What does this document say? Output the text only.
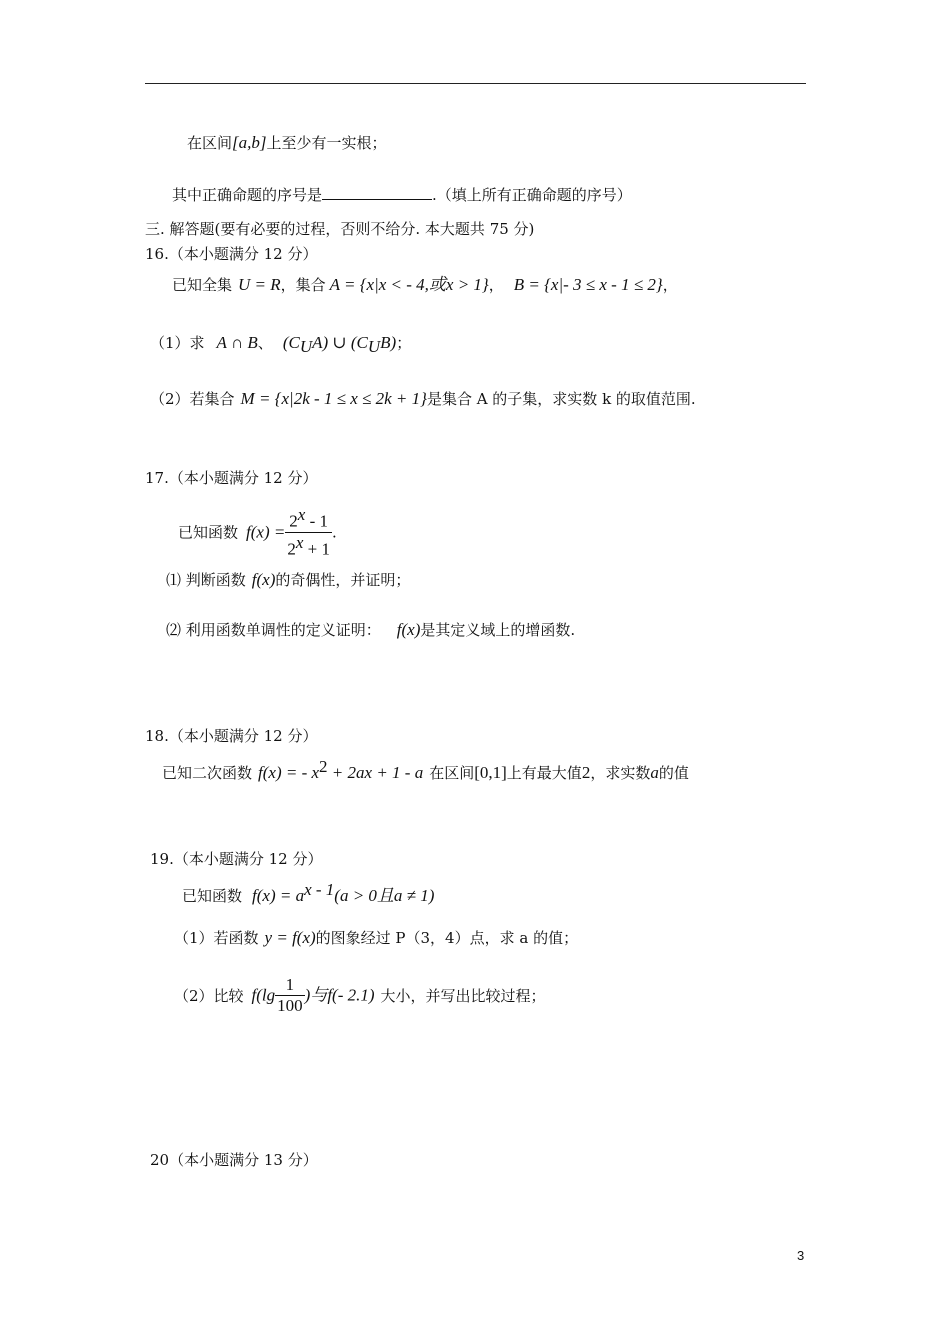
在区间[a,b]上至少有一实根；
其中正确命题的序号是	.（填上所有正确命题的序号）
三. 解答题(要有必要的过程，否则不给分. 本大题共 75 分)
16.（本小题满分 12 分）
已知全集 U = R，集合 A = {x|x < - 4,或x > 1}， B = {x|- 3 ≤ x - 1 ≤ 2}，
（1）求 A ∩ B、 $(C_UA)$ ∪ $(C_UB)$；
（2）若集合 M = {x|2k - 1 ≤ x ≤ 2k + 1}是集合 A 的子集，求实数 k 的取值范围.
17.（本小题满分 12 分）
已知函数 $f(x) = \frac{2^x - 1}{2^x + 1}$ .
⑴ 判断函数 f(x)的奇偶性，并证明；
⑵ 利用函数单调性的定义证明： f(x)是其定义域上的增函数.
18.（本小题满分 12 分）
已知二次函数 f(x) = - $x^2 + 2ax + 1 - a$ 在区间[0,1]上有最大值2，求实数a的值
19.（本小题满分 12 分）
已知函数 $f(x) = a^{x - 1}(a > 0$且a ≠ 1)
（1）若函数 y = f(x)的图象经过 P（3，4）点，求 a 的值；
（2）比较 $f(\lg \frac{1}{100}$ )与f(- 2.1) 大小，并写出比较过程；
20（本小题满分 13 分）
3
